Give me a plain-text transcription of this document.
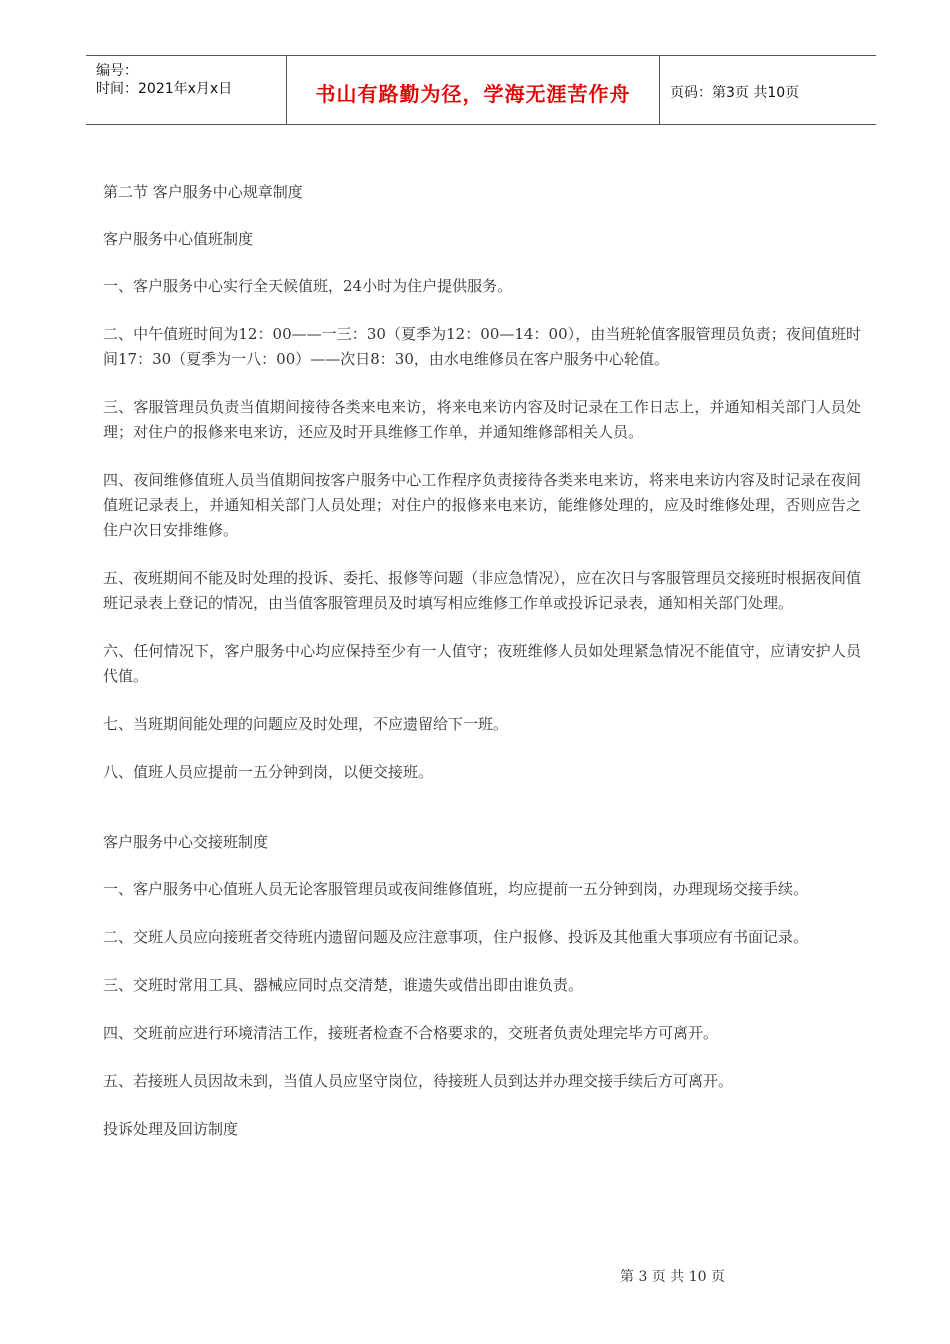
编号：
时间：2021年x月x日	书山有路勤为径，学海无涯苦作舟	页码：第3页 共10页

第二节 客户服务中心规章制度

客户服务中心值班制度

一、客户服务中心实行全天候值班，24小时为住户提供服务。

二、中午值班时间为12：00——一三：30（夏季为12：00—14：00），由当班轮值客服管理员负责；夜间值班时间17：30（夏季为一八：00）——次日8：30，由水电维修员在客户服务中心轮值。

三、客服管理员负责当值期间接待各类来电来访，将来电来访内容及时记录在工作日志上，并通知相关部门人员处理；对住户的报修来电来访，还应及时开具维修工作单，并通知维修部相关人员。

四、夜间维修值班人员当值期间按客户服务中心工作程序负责接待各类来电来访，将来电来访内容及时记录在夜间值班记录表上，并通知相关部门人员处理；对住户的报修来电来访，能维修处理的，应及时维修处理，否则应告之住户次日安排维修。

五、夜班期间不能及时处理的投诉、委托、报修等问题（非应急情况），应在次日与客服管理员交接班时根据夜间值班记录表上登记的情况，由当值客服管理员及时填写相应维修工作单或投诉记录表，通知相关部门处理。

六、任何情况下，客户服务中心均应保持至少有一人值守；夜班维修人员如处理紧急情况不能值守，应请安护人员代值。

七、当班期间能处理的问题应及时处理，不应遗留给下一班。

八、值班人员应提前一五分钟到岗，以便交接班。

客户服务中心交接班制度

一、客户服务中心值班人员无论客服管理员或夜间维修值班，均应提前一五分钟到岗，办理现场交接手续。

二、交班人员应向接班者交待班内遗留问题及应注意事项，住户报修、投诉及其他重大事项应有书面记录。

三、交班时常用工具、器械应同时点交清楚，谁遗失或借出即由谁负责。

四、交班前应进行环境清洁工作，接班者检查不合格要求的，交班者负责处理完毕方可离开。

五、若接班人员因故未到，当值人员应坚守岗位，待接班人员到达并办理交接手续后方可离开。

投诉处理及回访制度

第 3 页 共 10 页
